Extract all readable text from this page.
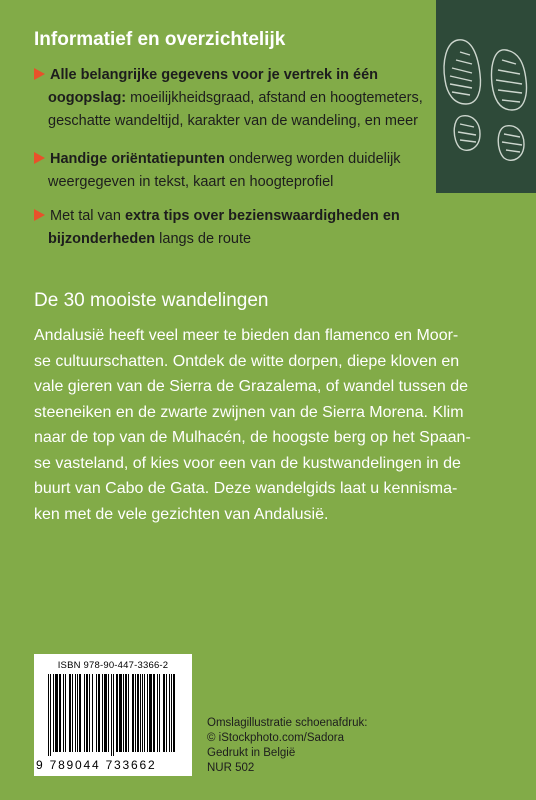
Informatief en overzichtelijk
Alle belangrijke gegevens voor je vertrek in één
oogopslag: moeilijkheidsgraad, afstand en hoogtemeters,
geschatte wandeltijd, karakter van de wandeling, en meer
Handige oriëntatiepunten onderweg worden duidelijk
weergegeven in tekst, kaart en hoogteprofiel
Met tal van extra tips over bezienswaardigheden en
bijzonderheden langs de route
De 30 mooiste wandelingen
Andalusië heeft veel meer te bieden dan flamenco en Moor-
se cultuurschatten. Ontdek de witte dorpen, diepe kloven en
vale gieren van de Sierra de Grazalema, of wandel tussen de
steeneiken en de zwarte zwijnen van de Sierra Morena. Klim
naar de top van de Mulhacén, de hoogste berg op het Spaan-
se vasteland, of kies voor een van de kustwandelingen in de
buurt van Cabo de Gata. Deze wandelgids laat u kennisma-
ken met de vele gezichten van Andalusië.
ISBN 978-90-447-3366-2
9 789044 733662
Omslagillustratie schoenafdruk:
© iStockphoto.com/Sadora
Gedrukt in België
NUR 502
